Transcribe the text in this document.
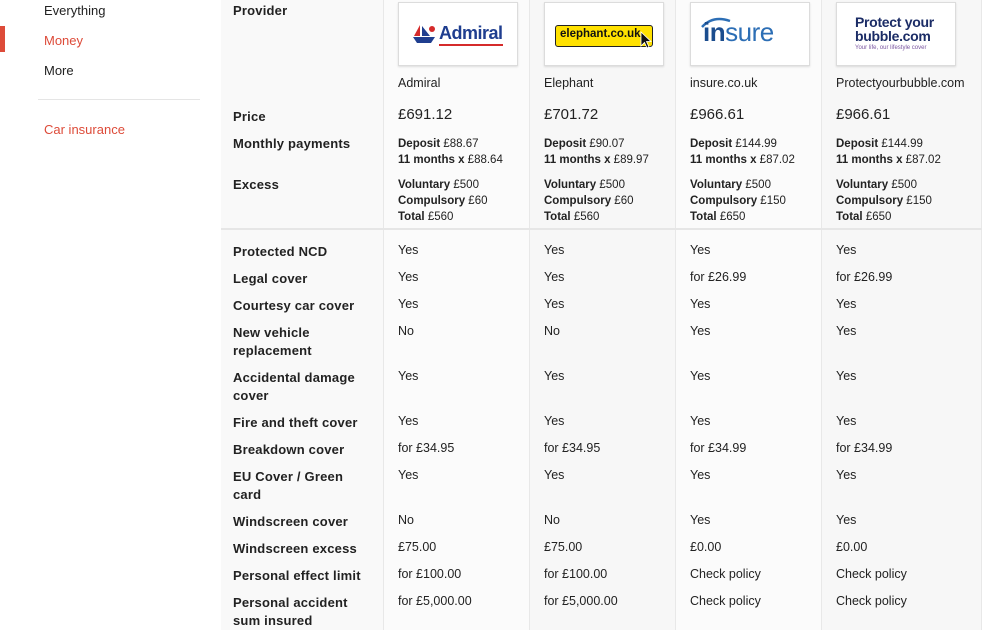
Everything
Money
More
Car insurance
Provider
Price
Monthly payments
Excess
Protected NCD
Legal cover
Courtesy car cover
New vehicle replacement
Accidental damage cover
Fire and theft cover
Breakdown cover
EU Cover / Green card
Windscreen cover
Windscreen excess
Personal effect limit
Personal accident sum insured
Admiral
Admiral
elephant.co.uk
Elephant
insure
insure.co.uk
Protect your
bubble.com
Your life, our lifestyle cover
Protectyourbubble.com
£691.12
Deposit £88.67
11 months x £88.64
Voluntary £500
Compulsory £60
Total £560
Yes
Yes
Yes
No
Yes
Yes
for £34.95
Yes
No
£75.00
for £100.00
for £5,000.00
£701.72
Deposit £90.07
11 months x £89.97
Voluntary £500
Compulsory £60
Total £560
Yes
Yes
Yes
No
Yes
Yes
for £34.95
Yes
No
£75.00
for £100.00
for £5,000.00
£966.61
Deposit £144.99
11 months x £87.02
Voluntary £500
Compulsory £150
Total £650
Yes
for £26.99
Yes
Yes
Yes
Yes
for £34.99
Yes
Yes
£0.00
Check policy
Check policy
£966.61
Deposit £144.99
11 months x £87.02
Voluntary £500
Compulsory £150
Total £650
Yes
for £26.99
Yes
Yes
Yes
Yes
for £34.99
Yes
Yes
£0.00
Check policy
Check policy
